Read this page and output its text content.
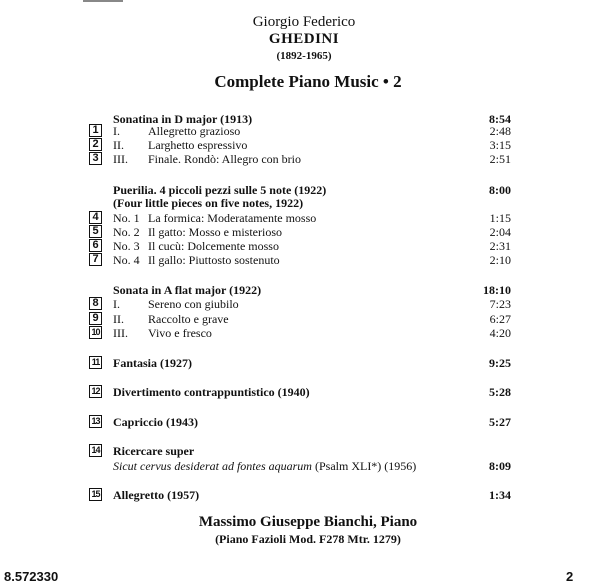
Giorgio Federico
GHEDINI
(1892-1965)
Complete Piano Music • 2
Sonatina in D major (1913)	8:54
1 I. Allegretto grazioso	2:48
2 II. Larghetto espressivo	3:15
3 III. Finale. Rondò: Allegro con brio	2:51
Puerilia. 4 piccoli pezzi sulle 5 note (1922)	8:00
(Four little pieces on five notes, 1922)
4 No. 1 La formica: Moderatamente mosso	1:15
5 No. 2 Il gatto: Mosso e misterioso	2:04
6 No. 3 Il cucù: Dolcemente mosso	2:31
7 No. 4 Il gallo: Piuttosto sostenuto	2:10
Sonata in A flat major (1922)	18:10
8 I. Sereno con giubilo	7:23
9 II. Raccolto e grave	6:27
10 III. Vivo e fresco	4:20
11 Fantasia (1927)	9:25
12 Divertimento contrappuntistico (1940)	5:28
13 Capriccio (1943)	5:27
14 Ricercare super
Sicut cervus desiderat ad fontes aquarum (Psalm XLI*) (1956)	8:09
15 Allegretto (1957)	1:34
Massimo Giuseppe Bianchi, Piano
(Piano Fazioli Mod. F278 Mtr. 1279)
8.572330	2
